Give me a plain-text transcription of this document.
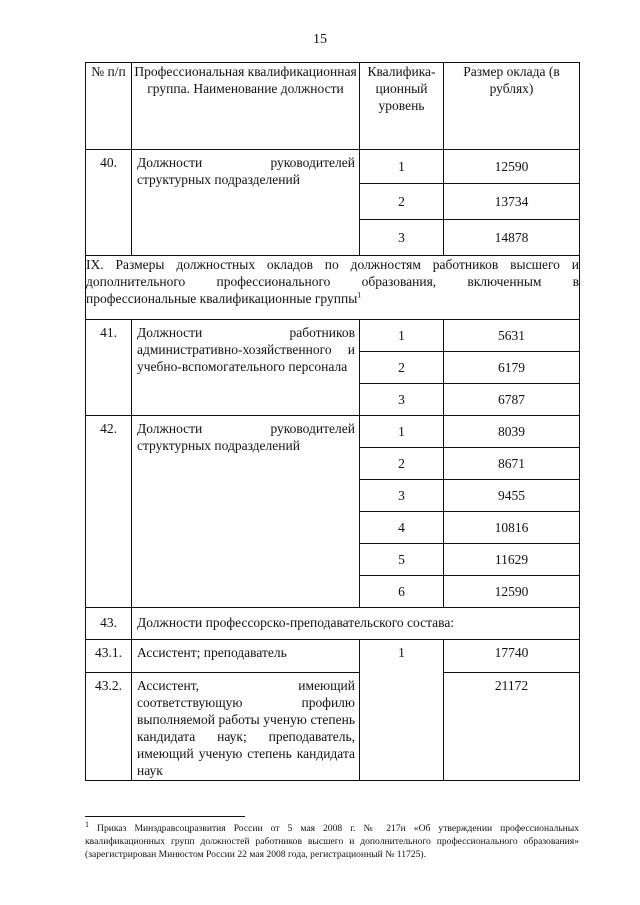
15
№ п/п	Профессиональная квалификационная группа. Наименование должности	Квалифика-ционный уровень	Размер оклада (в рублях)
40.	Должности руководителей структурных подразделений	1	12590
		2	13734
		3	14878
IX. Размеры должностных окладов по должностям работников высшего и дополнительного профессионального образования, включенным в профессиональные квалификационные группы$^1$
41.	Должности работников административно-хозяйственного и учебно-вспомогательного персонала	1	5631
		2	6179
		3	6787
42.	Должности руководителей структурных подразделений	1	8039
		2	8671
		3	9455
		4	10816
		5	11629
		6	12590
43.	Должности профессорско-преподавательского состава:		
43.1.	Ассистент; преподаватель	1	17740
43.2.	Ассистент, имеющий соответствующую профилю выполняемой работы ученую степень кандидата наук; преподаватель, имеющий ученую степень кандидата наук		21172
$^1$ Приказ Минздравсоцразвития России от 5 мая 2008 г. № 217н «Об утверждении профессиональных квалификационных групп должностей работников высшего и дополнительного профессионального образования» (зарегистрирован Минюстом России 22 мая 2008 года, регистрационный № 11725).
